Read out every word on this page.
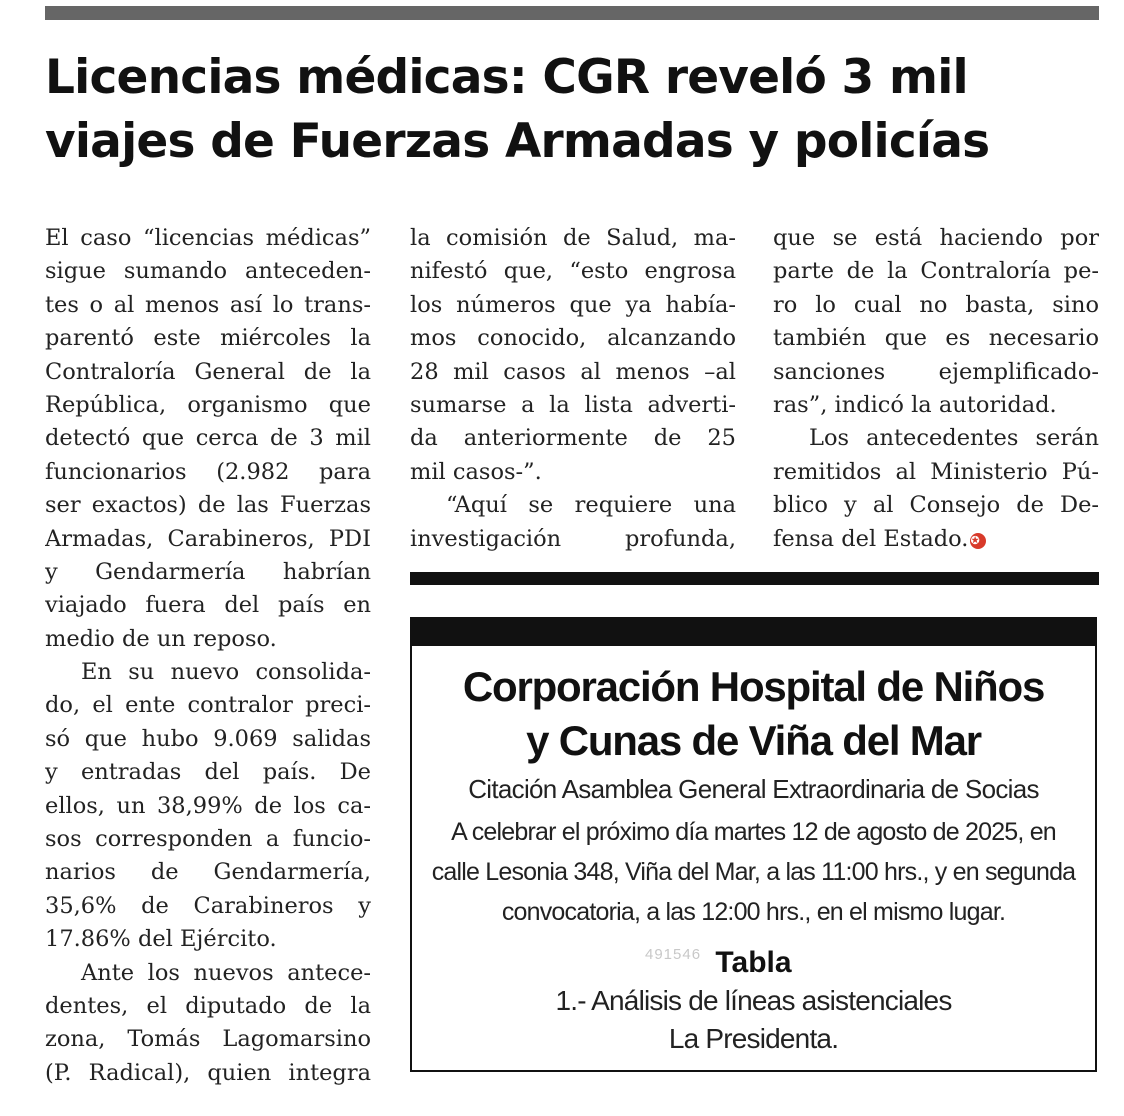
Licencias médicas: CGR reveló 3 mil
viajes de Fuerzas Armadas y policías
El caso “licencias médicas”
sigue sumando anteceden-
tes o al menos así lo trans-
parentó este miércoles la
Contraloría General de la
República, organismo que
detectó que cerca de 3 mil
funcionarios (2.982 para
ser exactos) de las Fuerzas
Armadas, Carabineros, PDI
y Gendarmería habrían
viajado fuera del país en
medio de un reposo.
En su nuevo consolida-
do, el ente contralor preci-
só que hubo 9.069 salidas
y entradas del país. De
ellos, un 38,99% de los ca-
sos corresponden a funcio-
narios de Gendarmería,
35,6% de Carabineros y
17.86% del Ejército.
Ante los nuevos antece-
dentes, el diputado de la
zona, Tomás Lagomarsino
(P. Radical), quien integra
la comisión de Salud, ma-
nifestó que, “esto engrosa
los números que ya había-
mos conocido, alcanzando
28 mil casos al menos –al
sumarse a la lista adverti-
da anteriormente de 25
mil casos-”.
“Aquí se requiere una
investigación profunda,
que se está haciendo por
parte de la Contraloría pe-
ro lo cual no basta, sino
también que es necesario
sanciones ejemplificado-
ras”, indicó la autoridad.
Los antecedentes serán
remitidos al Ministerio Pú-
blico y al Consejo de De-
fensa del Estado. ✪
Corporación Hospital de Niños
y Cunas de Viña del Mar
Citación Asamblea General Extraordinaria de Socias
A celebrar el próximo día martes 12 de agosto de 2025, en
calle Lesonia 348, Viña del Mar, a las 11:00 hrs., y en segunda
convocatoria, a las 12:00 hrs., en el mismo lugar.
491546 Tabla
1.- Análisis de líneas asistenciales
La Presidenta.
